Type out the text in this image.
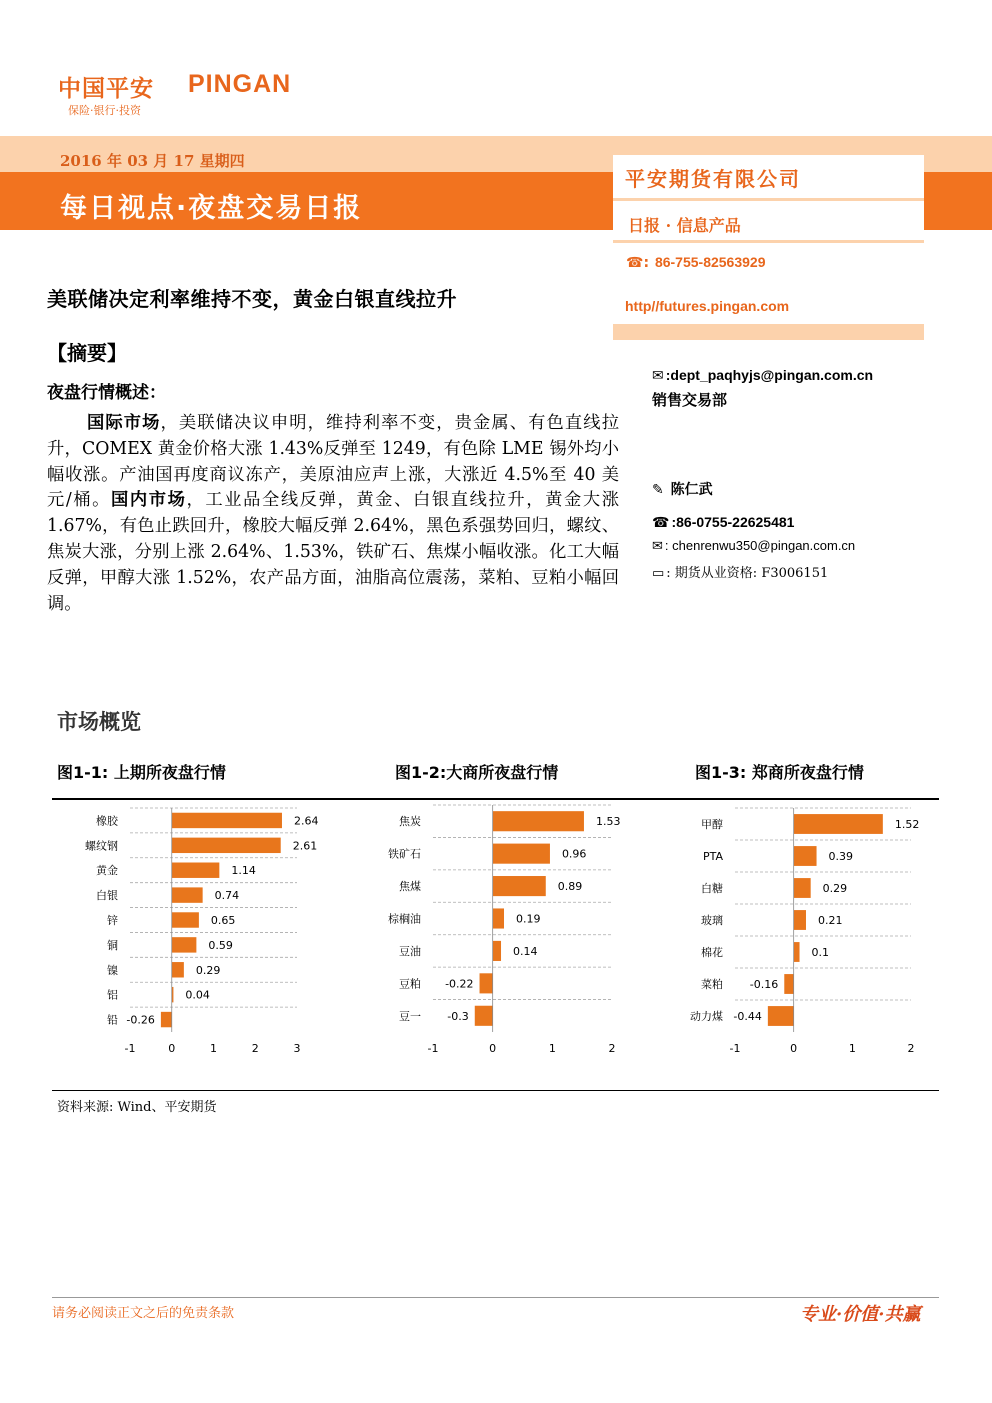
中国平安 PINGAN
保险·银行·投资
2016 年 03 月 17 星期四
每日视点·夜盘交易日报
平安期货有限公司
日报 · 信息产品
☎: 86-755-82563929
http//futures.pingan.com
✉ :dept_paqhyjs@pingan.com.cn
销售交易部
✎ 陈仁武
☎ :86-0755-22625481
✉ : chenrenwu350@pingan.com.cn
▭ : 期货从业资格: F3006151
美联储决定利率维持不变，黄金白银直线拉升
【摘要】
夜盘行情概述：
国际市场，美联储决议申明，维持利率不变，贵金属、有色直线拉升，COMEX 黄金价格大涨 1.43%反弹至 1249，有色除 LME 锡外均小幅收涨。产油国再度商议冻产，美原油应声上涨，大涨近 4.5%至 40 美元/桶。国内市场，工业品全线反弹，黄金、白银直线拉升，黄金大涨 1.67%，有色止跌回升，橡胶大幅反弹 2.64%，黑色系强势回归，螺纹、焦炭大涨，分别上涨 2.64%、1.53%，铁矿石、焦煤小幅收涨。化工大幅反弹，甲醇大涨 1.52%，农产品方面，油脂高位震荡，菜粕、豆粕小幅回调。
市场概览
图1-1: 上期所夜盘行情	图1-2:大商所夜盘行情	图1-3: 郑商所夜盘行情
橡胶	2.64
螺纹钢	2.61
黄金	1.14
白银	0.74
锌	0.65
铜	0.59
镍	0.29
铝	0.04
铅 -0.26
-1	0	1	2	3
焦炭	1.53
铁矿石	0.96
焦煤	0.89
棕榈油	0.19
豆油	0.14
豆粕 -0.22
豆一 -0.3
-1	0	1	2
甲醇	1.52
PTA	0.39
白糖	0.29
玻璃	0.21
棉花	0.1
菜粕 -0.16
动力煤 -0.44
-1	0	1	2
资料来源: Wind、平安期货
请务必阅读正文之后的免责条款	专业·价值·共赢
